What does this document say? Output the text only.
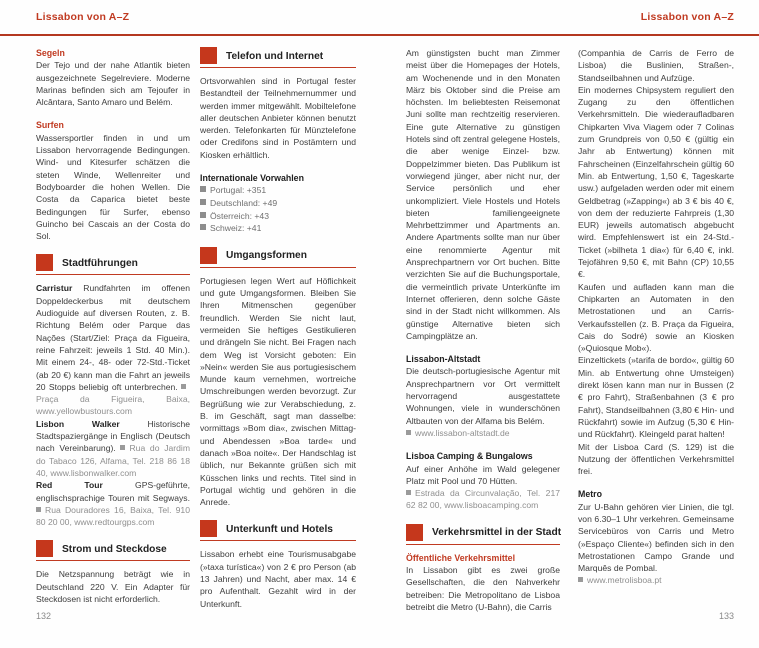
Lissabon von A–Z	Lissabon von A–Z
Segeln

Der Tejo und der nahe Atlantik bieten ausgezeichnete Segelreviere. Moderne Marinas befinden sich am Tejoufer in Alcântara, Santo Amaro und Belém.

Surfen

Wassersportler finden in und um Lissabon hervorragende Bedingungen. Wind- und Kitesurfer schätzen die steten Winde, Wellenreiter und Bodyboarder die hohen Wellen. Die Costa da Caparica bietet beste Bedingungen für Surfer, ebenso Guincho bei Cascais an der Costa do Sol.

Stadtführungen

Carristur Rundfahrten im offenen Doppeldeckerbus mit deutschem Audioguide auf diversen Routen, z. B. Richtung Belém oder Parque das Nações (Start/Ziel: Praça da Figueira, reine Fahrzeit: jeweils 1 Std. 40 Min.). Mit einem 24-, 48- oder 72-Std.-Ticket (ab 20 €) kann man die Fahrt an jeweils 20 Stopps beliebig oft unterbrechen. Praça da Figueira, Baixa, www.yellowbustours.com

Lisbon Walker Historische Stadtspaziergänge in Englisch (Deutsch nach Vereinbarung). Rua do Jardim do Tabaco 126, Alfama, Tel. 218 86 18 40, www.lisbonwalker.com

Red Tour GPS-geführte, englischsprachige Touren mit Segways. Rua Douradores 16, Baixa, Tel. 910 80 20 00, www.redtourgps.com

Strom und Steckdose

Die Netzspannung beträgt wie in Deutschland 220 V. Ein Adapter für Steckdosen ist nicht erforderlich.

Telefon und Internet

Ortsvorwahlen sind in Portugal fester Bestandteil der Teilnehmernummer und werden immer mitgewählt. Mobiltelefone aller deutschen Anbieter können benutzt werden. Telefonkarten für Münztelefone oder Credifons sind in Postämtern und Kiosken erhältlich.

Internationale Vorwahlen
Portugal: +351
Deutschland: +49
Österreich: +43
Schweiz: +41
Umgangsformen

Portugiesen legen Wert auf Höflichkeit und gute Umgangsformen. Bleiben Sie Ihren Mitmenschen gegenüber freundlich. Werden Sie nicht laut, vermeiden Sie heftiges Gestikulieren und drängeln Sie nicht. Bei Fragen nach dem Weg ist Vorsicht geboten: Ein »Nein« werden Sie aus portugiesischem Munde kaum vernehmen, wortreiche Umschreibungen werden bevorzugt. Zur Begrüßung wie zur Verabschiedung, z. B. im Geschäft, sagt man dasselbe: vormittags »Bom dia«, zwischen Mittag- und Abendessen »Boa tarde« und danach »Boa noite«. Der Handschlag ist üblich, nur Bekannte grüßen sich mit Küsschen links und rechts. Titel sind in Portugal wichtig und gehören in die Anrede.

Unterkunft und Hotels

Lissabon erhebt eine Tourismusabgabe (»taxa turística«) von 2 € pro Person (ab 13 Jahren) und Nacht, aber max. 14 € pro Aufenthalt. Gezahlt wird in der Unterkunft.

Am günstigsten bucht man Zimmer meist über die Homepages der Hotels, am Wochenende und in den Monaten März bis Oktober sind die Preise am höchsten. Im beliebtesten Reisemonat Juni sollte man rechtzeitig reservieren. Eine gute Alternative zu günstigen Hotels sind oft zentral gelegene Hostels, die aber wenige Einzel- bzw. Doppelzimmer bieten. Das Publikum ist vorwiegend jünger, aber nicht nur, der Service persönlich und eher unkompliziert. Viele Hostels und Hotels bieten familiengeeignete Mehrbettzimmer und Apartments an. Andere Apartments sollte man nur über eine renommierte Agentur mit Ansprechpartnern vor Ort buchen. Bitte verzichten Sie auf die Buchungsportale, die vermeintlich private Unterkünfte im Internet offerieren, denn solche Gäste sind in der Stadt nicht willkommen. Als günstige Alternative bieten sich Campingplätze an.

Lissabon-Altstadt

Die deutsch-portugiesische Agentur mit Ansprechpartnern vor Ort vermittelt hervorragend ausgestattete Wohnungen, viele in wunderschönen Altbauten von der Alfama bis Belém.

www.lissabon-altstadt.de

Lisboa Camping & Bungalows

Auf einer Anhöhe im Wald gelegener Platz mit Pool und 70 Hütten.

Estrada da Circunvalação, Tel. 217 62 82 00, www.lisboacamping.com

Verkehrsmittel in der Stadt
Öffentliche Verkehrsmittel

In Lissabon gibt es zwei große Gesellschaften, die den Nahverkehr betreiben: Die Metropolitano de Lisboa betreibt die Metro (U-Bahn), die Carris

(Companhia de Carris de Ferro de Lisboa) die Buslinien, Straßen-, Standseilbahnen und Aufzüge.

Ein modernes Chipsystem reguliert den Zugang zu den öffentlichen Verkehrsmitteln. Die wiederaufladbaren Chipkarten Viva Viagem oder 7 Colinas zum Grundpreis von 0,50 € (gültig ein Jahr ab Entwertung) können mit Fahrscheinen (Einzelfahrschein gültig 60 Min. ab Entwertung, 1,50 €, Tageskarte usw.) aufgeladen werden oder mit einem Geldbetrag (»Zapping«) ab 3 € bis 40 €, von dem der reduzierte Fahrpreis (1,30 EUR) jeweils automatisch abgebucht wird. Empfehlenswert ist ein 24-Std.-Ticket (»bilheta 1 dia«) für 6,40 €, inkl. Tejofähren 9,50 €, mit Bahn (CP) 10,55 €.

Kaufen und aufladen kann man die Chipkarten an Automaten in den Metrostationen und an Carris-Verkaufsstellen (z. B. Praça da Figueira, Cais do Sodré) sowie an Kiosken (»Quiosque Mob«).

Einzeltickets (»tarifa de bordo«, gültig 60 Min. ab Entwertung ohne Umsteigen) direkt lösen kann man nur in Bussen (2 € pro Fahrt), Straßenbahnen (3 € pro Fahrt), Standseilbahnen (3,80 € Hin- und Rückfahrt) sowie im Aufzug (5,30 € Hin- und Rückfahrt). Kleingeld parat halten!

Mit der Lisboa Card (S. 129) ist die Nutzung der öffentlichen Verkehrsmittel frei.

Metro

Zur U-Bahn gehören vier Linien, die tgl. von 6.30–1 Uhr verkehren. Gemeinsame Servicebüros von Carris und Metro (»Espaço Cliente«) befinden sich in den Metrostationen Campo Grande und Marquês de Pombal.

www.metrolisboa.pt

132	133
